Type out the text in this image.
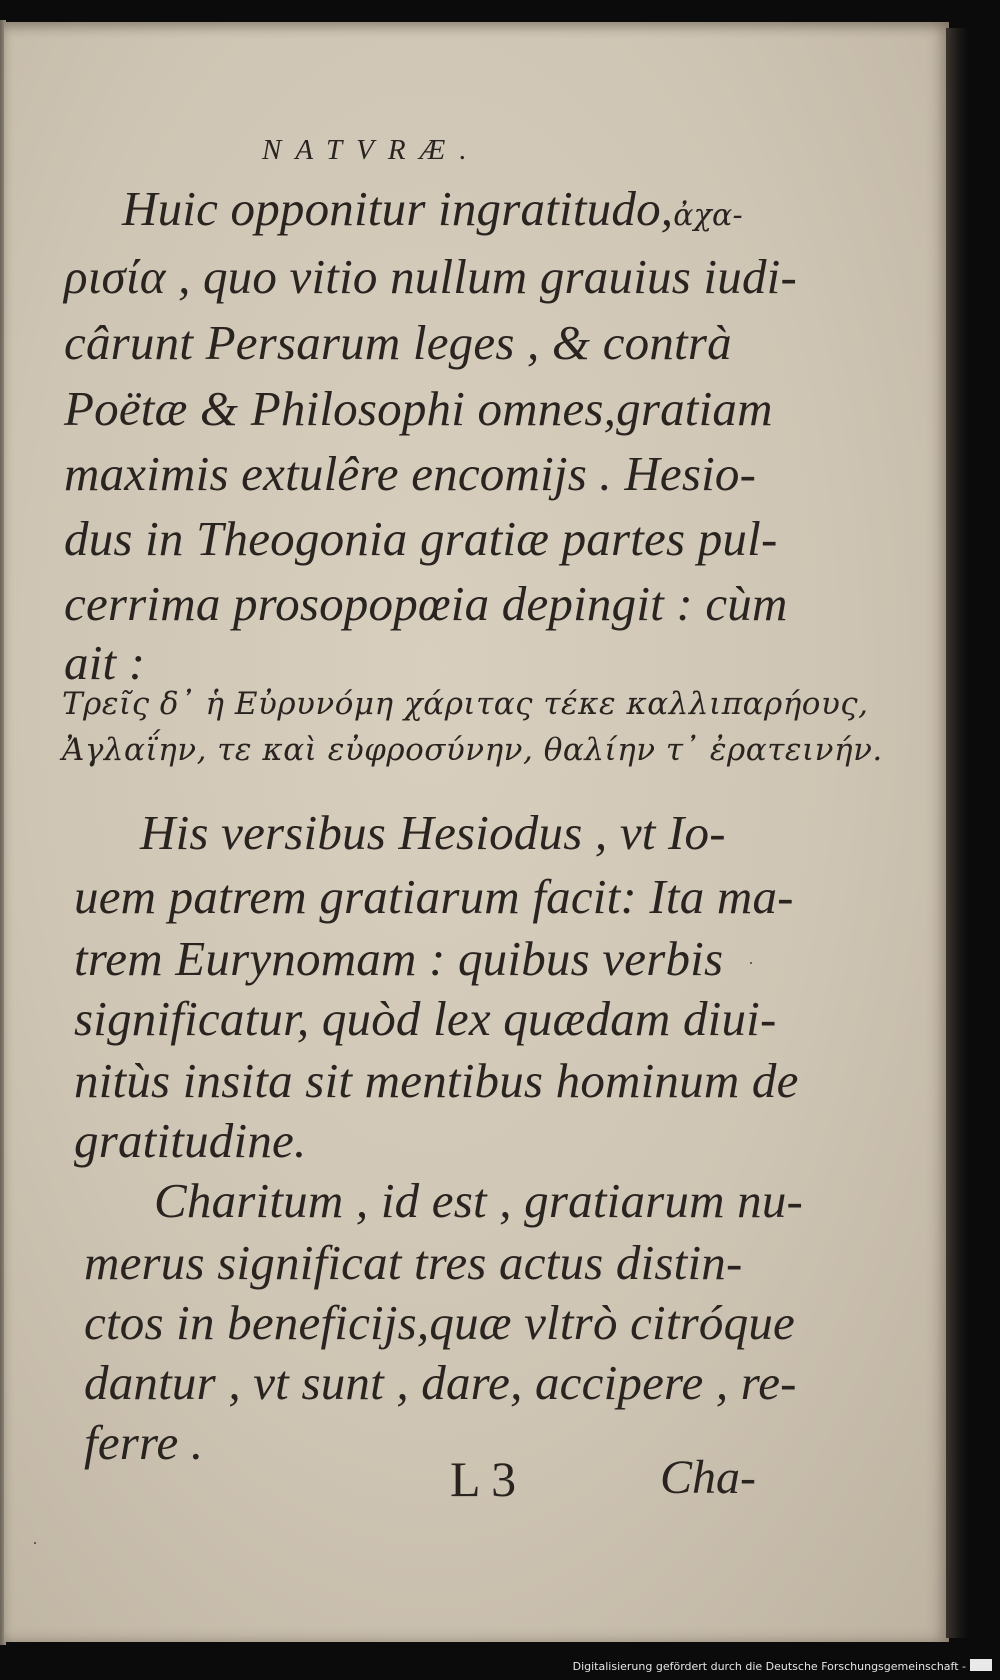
NATVRÆ.
Huic opponitur ingratitudo,ἀχα-
ρισία , quo vitio nullum grauius iudi-
cârunt Persarum leges , & contrà
Poëtæ & Philosophi omnes,gratiam
maximis extulêre encomijs . Hesio-
dus in Theogonia gratiæ partes pul-
cerrima prosopopœia depingit : cùm
ait :
Τρεῖς δ᾽ ἡ Εὐρυνόμη χάριτας τέκε καλλιπαρήους,
Ἀγλαΐην, τε καὶ εὐφροσύνην, θαλίην τ᾽ ἐρατεινήν.
His versibus Hesiodus , vt Io-
uem patrem gratiarum facit: Ita ma-
trem Eurynomam : quibus verbis
significatur, quòd lex quædam diui-
nitùs insita sit mentibus hominum de
gratitudine.
Charitum , id est , gratiarum nu-
merus significat tres actus distin-
ctos in beneficijs,quæ vltrò citróque
dantur , vt sunt , dare, accipere , re-
ferre .
L 3	Cha-
Digitalisierung gefördert durch die Deutsche Forschungsgemeinschaft -
